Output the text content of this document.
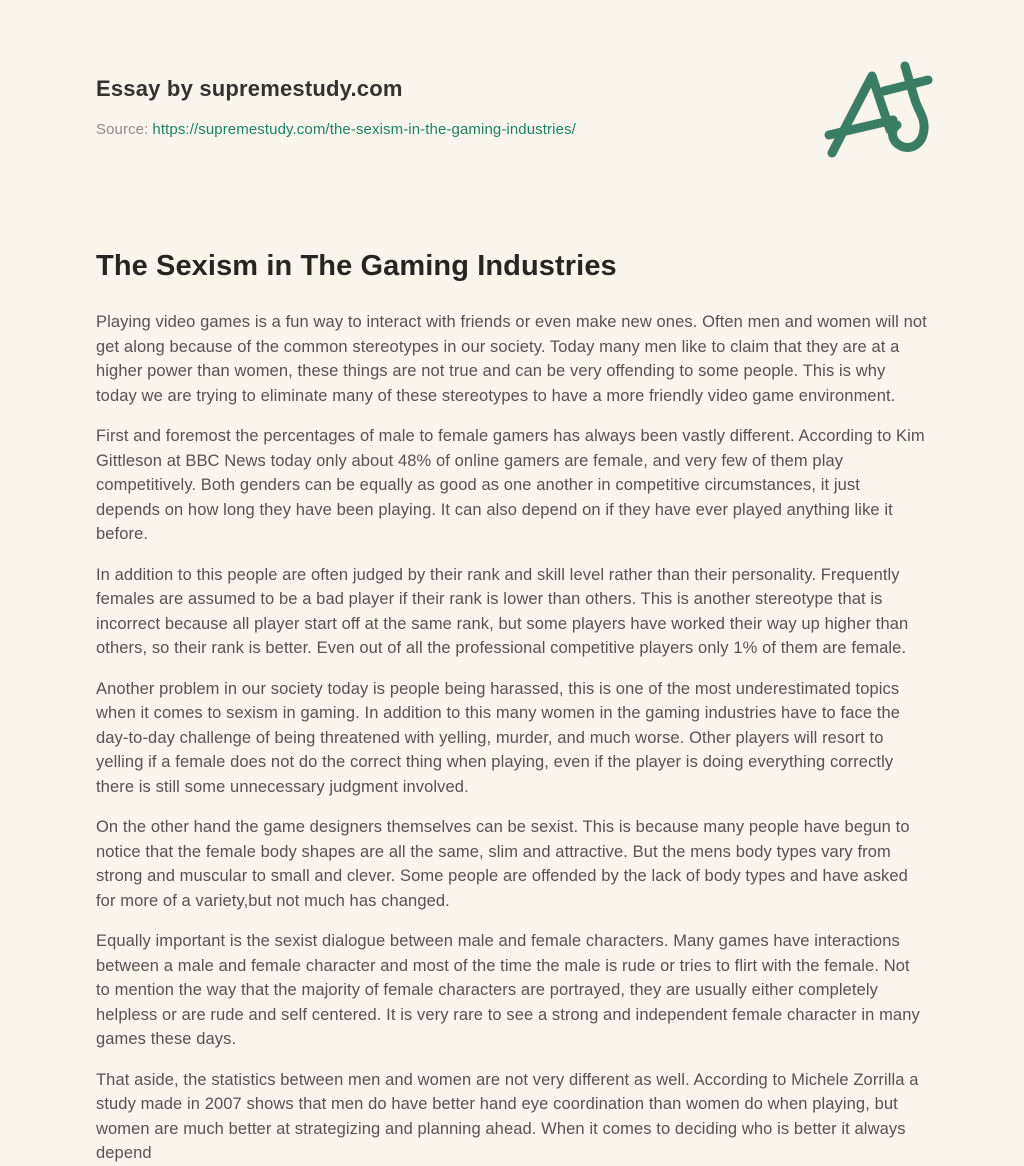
Essay by supremestudy.com
Source: https://supremestudy.com/the-sexism-in-the-gaming-industries/
The Sexism in The Gaming Industries

Playing video games is a fun way to interact with friends or even make new ones. Often men and women will not get along because of the common stereotypes in our society. Today many men like to claim that they are at a higher power than women, these things are not true and can be very offending to some people. This is why today we are trying to eliminate many of these stereotypes to have a more friendly video game environment.

First and foremost the percentages of male to female gamers has always been vastly different. According to Kim Gittleson at BBC News today only about 48% of online gamers are female, and very few of them play competitively. Both genders can be equally as good as one another in competitive circumstances, it just depends on how long they have been playing. It can also depend on if they have ever played anything like it before.

In addition to this people are often judged by their rank and skill level rather than their personality. Frequently females are assumed to be a bad player if their rank is lower than others. This is another stereotype that is incorrect because all player start off at the same rank, but some players have worked their way up higher than others, so their rank is better. Even out of all the professional competitive players only 1% of them are female.

Another problem in our society today is people being harassed, this is one of the most underestimated topics when it comes to sexism in gaming. In addition to this many women in the gaming industries have to face the day-to-day challenge of being threatened with yelling, murder, and much worse. Other players will resort to yelling if a female does not do the correct thing when playing, even if the player is doing everything correctly there is still some unnecessary judgment involved.

On the other hand the game designers themselves can be sexist. This is because many people have begun to notice that the female body shapes are all the same, slim and attractive. But the mens body types vary from strong and muscular to small and clever. Some people are offended by the lack of body types and have asked for more of a variety,but not much has changed.

Equally important is the sexist dialogue between male and female characters. Many games have interactions between a male and female character and most of the time the male is rude or tries to flirt with the female. Not to mention the way that the majority of female characters are portrayed, they are usually either completely helpless or are rude and self centered. It is very rare to see a strong and independent female character in many games these days.

That aside, the statistics between men and women are not very different as well. According to Michele Zorrilla a study made in 2007 shows that men do have better hand eye coordination than women do when playing, but women are much better at strategizing and planning ahead. When it comes to deciding who is better it always depend
